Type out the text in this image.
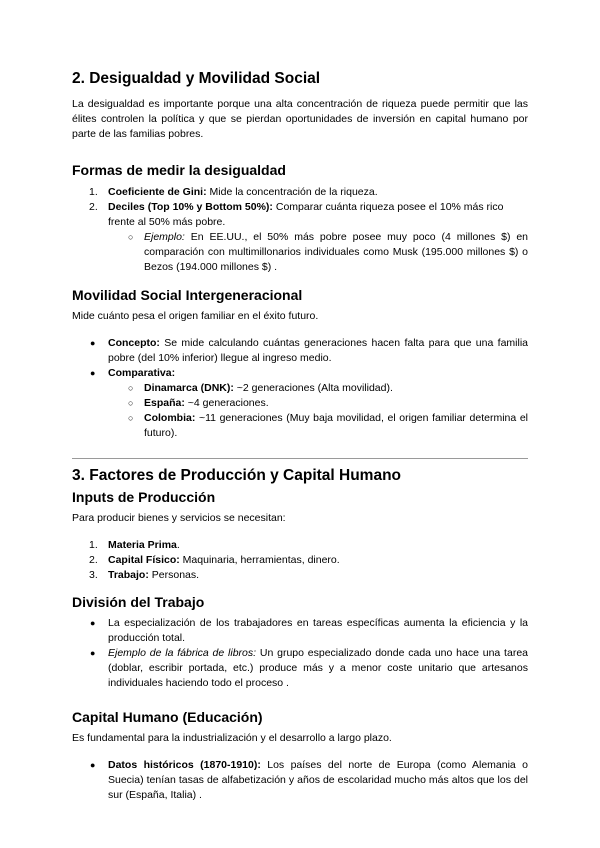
2. Desigualdad y Movilidad Social

La desigualdad es importante porque una alta concentración de riqueza puede permitir que las élites controlen la política y que se pierdan oportunidades de inversión en capital humano por parte de las familias pobres.

Formas de medir la desigualdad
1. Coeficiente de Gini: Mide la concentración de la riqueza.
2. Deciles (Top 10% y Bottom 50%): Comparar cuánta riqueza posee el 10% más rico frente al 50% más pobre.
○ Ejemplo: En EE.UU., el 50% más pobre posee muy poco (4 millones $) en comparación con multimillonarios individuales como Musk (195.000 millones $) o Bezos (194.000 millones $) .
Movilidad Social Intergeneracional

Mide cuánto pesa el origen familiar en el éxito futuro.

● Concepto: Se mide calculando cuántas generaciones hacen falta para que una familia pobre (del 10% inferior) llegue al ingreso medio.
● Comparativa:
○ Dinamarca (DNK): ~2 generaciones (Alta movilidad).
○ España: ~4 generaciones.
○ Colombia: ~11 generaciones (Muy baja movilidad, el origen familiar determina el futuro).
3. Factores de Producción y Capital Humano
Inputs de Producción

Para producir bienes y servicios se necesitan:

1. Materia Prima.
2. Capital Físico: Maquinaria, herramientas, dinero.
3. Trabajo: Personas.
División del Trabajo
● La especialización de los trabajadores en tareas específicas aumenta la eficiencia y la producción total.
● Ejemplo de la fábrica de libros: Un grupo especializado donde cada uno hace una tarea (doblar, escribir portada, etc.) produce más y a menor coste unitario que artesanos individuales haciendo todo el proceso .
Capital Humano (Educación)

Es fundamental para la industrialización y el desarrollo a largo plazo.

● Datos históricos (1870-1910): Los países del norte de Europa (como Alemania o Suecia) tenían tasas de alfabetización y años de escolaridad mucho más altos que los del sur (España, Italia) .
